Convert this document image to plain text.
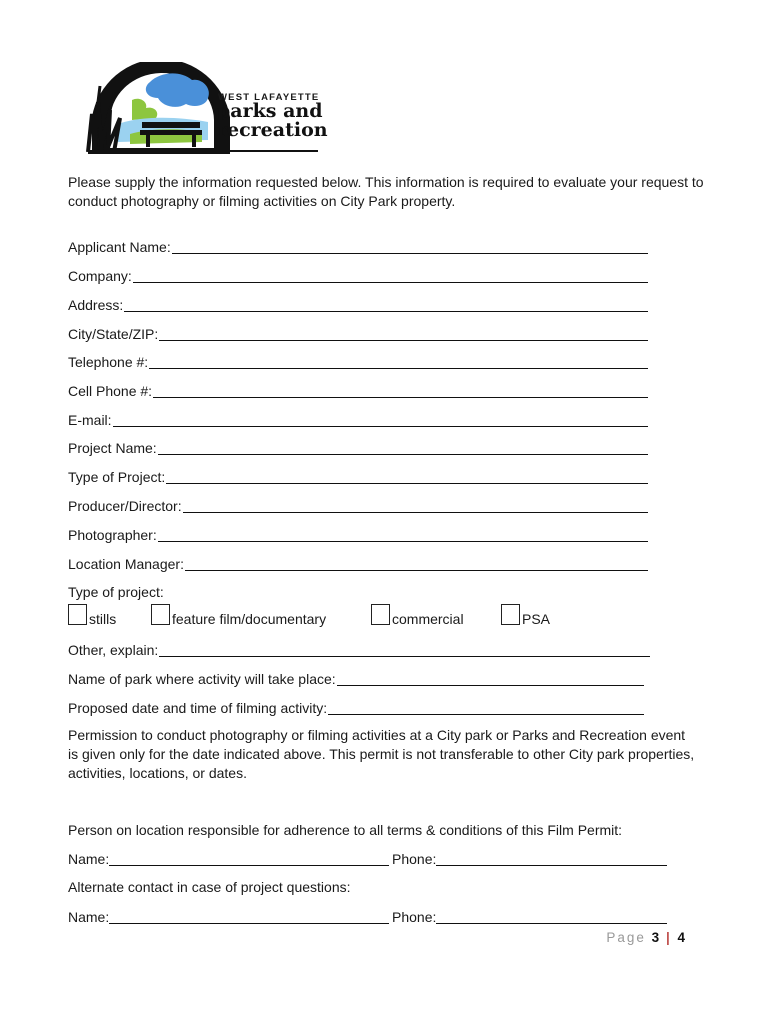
WEST LAFAYETTE
parks and
recreation
Please supply the information requested below. This information is required to evaluate your request to conduct photography or filming activities on City Park property.
Applicant Name:
Company:
Address:
City/State/ZIP:
Telephone #:
Cell Phone #:
E-mail:
Project Name:
Type of Project:
Producer/Director:
Photographer:
Location Manager:
Type of project:
stills	feature film/documentary	commercial	PSA
Other, explain:
Name of park where activity will take place:
Proposed date and time of filming activity:
Permission to conduct photography or filming activities at a City park or Parks and Recreation event is given only for the date indicated above. This permit is not transferable to other City park properties, activities, locations, or dates.
Person on location responsible for adherence to all terms & conditions of this Film Permit:
Name:	Phone:
Alternate contact in case of project questions:
Name:	Phone:
Page 3 | 4
